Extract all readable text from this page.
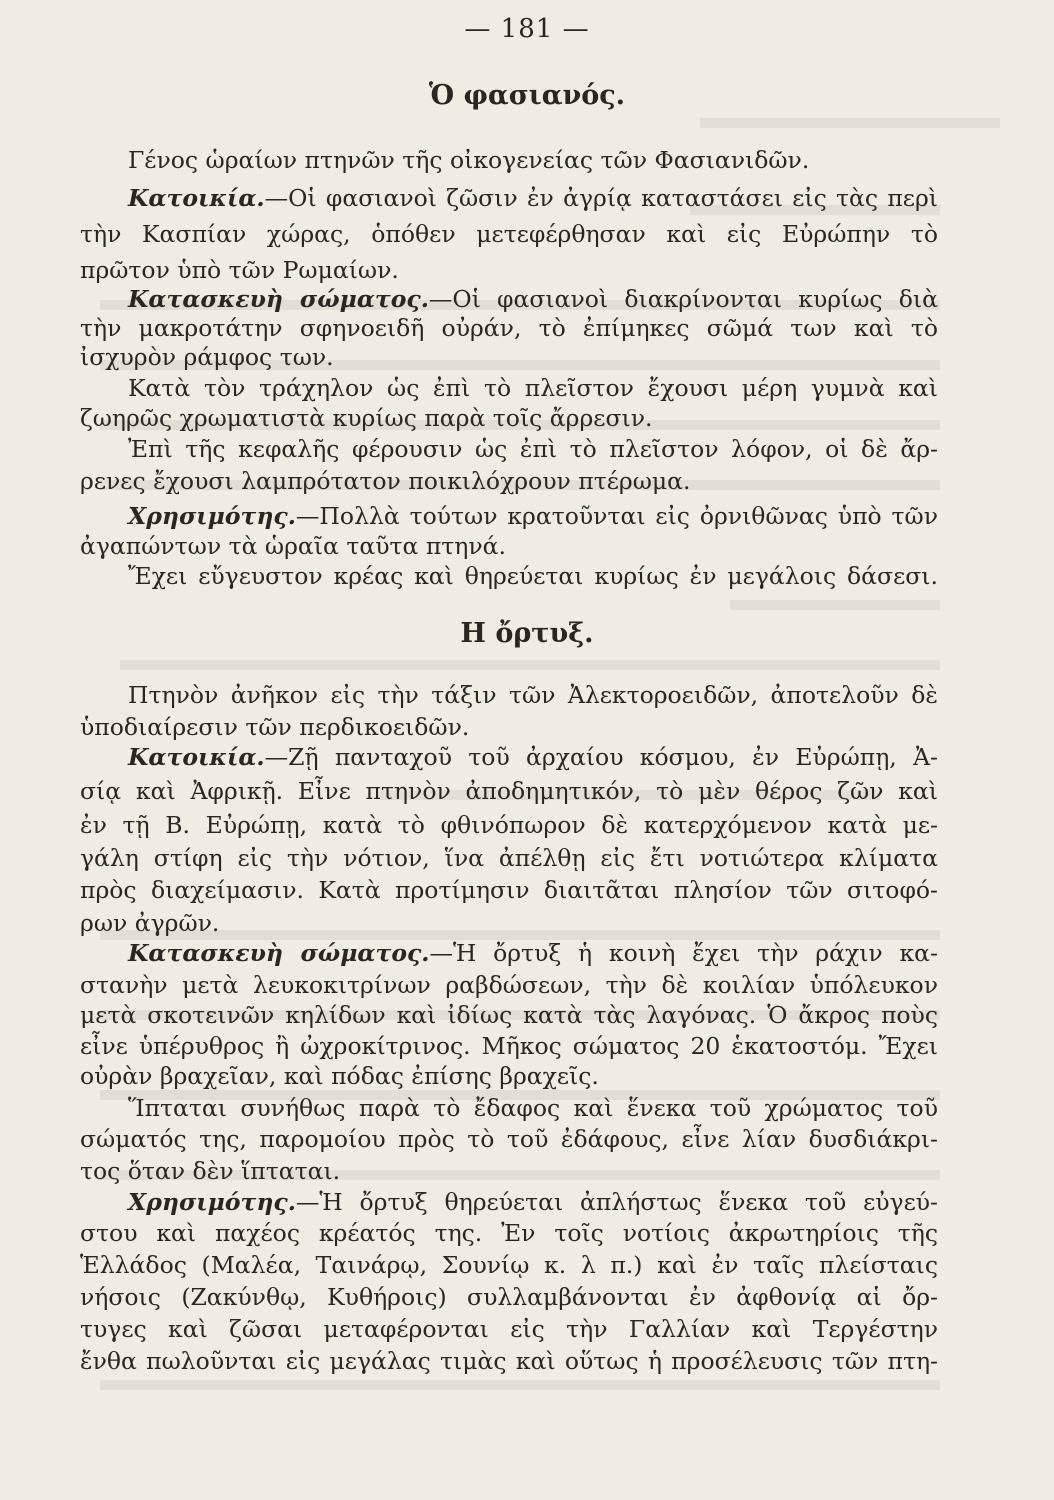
— 181 —
Ὁ φασιανός.
Γένος ὡραίων πτηνῶν τῆς οἰκογενείας τῶν Φασιανιδῶν.
Κατοικία.—Οἱ φασιανοὶ ζῶσιν ἐν ἀγρίᾳ καταστάσει εἰς τὰς περὶ
τὴν Κασπίαν χώρας, ὁπόθεν μετεφέρθησαν καὶ εἰς Εὐρώπην τὸ
πρῶτον ὑπὸ τῶν Ρωμαίων.
Κατασκευὴ σώματος.—Οἱ φασιανοὶ διακρίνονται κυρίως διὰ
τὴν μακροτάτην σφηνοειδῆ οὐράν, τὸ ἐπίμηκες σῶμά των καὶ τὸ
ἰσχυρὸν ράμφος των.
Κατὰ τὸν τράχηλον ὡς ἐπὶ τὸ πλεῖστον ἔχουσι μέρη γυμνὰ καὶ
ζωηρῶς χρωματιστὰ κυρίως παρὰ τοῖς ἄρρεσιν.
Ἐπὶ τῆς κεφαλῆς φέρουσιν ὡς ἐπὶ τὸ πλεῖστον λόφον, οἱ δὲ ἄρ-
ρενες ἔχουσι λαμπρότατον ποικιλόχρουν πτέρωμα.
Χρησιμότης.—Πολλὰ τούτων κρατοῦνται εἰς ὀρνιθῶνας ὑπὸ τῶν
ἀγαπώντων τὰ ὡραῖα ταῦτα πτηνά.
Ἔχει εὔγευστον κρέας καὶ θηρεύεται κυρίως ἐν μεγάλοις δάσεσι.
Η ὄρτυξ.
Πτηνὸν ἀνῆκον εἰς τὴν τάξιν τῶν Ἀλεκτοροειδῶν, ἀποτελοῦν δὲ
ὑποδιαίρεσιν τῶν περδικοειδῶν.
Κατοικία.—Ζῇ πανταχοῦ τοῦ ἀρχαίου κόσμου, ἐν Εὐρώπῃ, Ἀ-
σίᾳ καὶ Ἀφρικῇ. Εἶνε πτηνὸν ἀποδημητικόν, τὸ μὲν θέρος ζῶν καὶ
ἐν τῇ Β. Εὐρώπῃ, κατὰ τὸ φθινόπωρον δὲ κατερχόμενον κατὰ με-
γάλη στίφη εἰς τὴν νότιον, ἵνα ἀπέλθῃ εἰς ἔτι νοτιώτερα κλίματα
πρὸς διαχείμασιν. Κατὰ προτίμησιν διαιτᾶται πλησίον τῶν σιτοφό-
ρων ἀγρῶν.
Κατασκευὴ σώματος.—Ἡ ὄρτυξ ἡ κοινὴ ἔχει τὴν ράχιν κα-
στανὴν μετὰ λευκοκιτρίνων ραβδώσεων, τὴν δὲ κοιλίαν ὑπόλευκον
μετὰ σκοτεινῶν κηλίδων καὶ ἰδίως κατὰ τὰς λαγόνας. Ὁ ἄκρος ποὺς
εἶνε ὑπέρυθρος ἢ ὠχροκίτρινος. Μῆκος σώματος 20 ἑκατοστόμ. Ἔχει
οὐρὰν βραχεῖαν, καὶ πόδας ἐπίσης βραχεῖς.
Ἵπταται συνήθως παρὰ τὸ ἔδαφος καὶ ἕνεκα τοῦ χρώματος τοῦ
σώματός της, παρομοίου πρὸς τὸ τοῦ ἐδάφους, εἶνε λίαν δυσδιάκρι-
τος ὅταν δὲν ἵπταται.
Χρησιμότης.—Ἡ ὄρτυξ θηρεύεται ἀπλήστως ἕνεκα τοῦ εὐγεύ-
στου καὶ παχέος κρέατός της. Ἐν τοῖς νοτίοις ἀκρωτηρίοις τῆς
Ἑλλάδος (Μαλέα, Ταινάρῳ, Σουνίῳ κ. λ π.) καὶ ἐν ταῖς πλείσταις
νήσοις (Ζακύνθῳ, Κυθήροις) συλλαμβάνονται ἐν ἀφθονίᾳ αἱ ὄρ-
τυγες καὶ ζῶσαι μεταφέρονται εἰς τὴν Γαλλίαν καὶ Τεργέστην
ἔνθα πωλοῦνται εἰς μεγάλας τιμὰς καὶ οὕτως ἡ προσέλευσις τῶν πτη-
